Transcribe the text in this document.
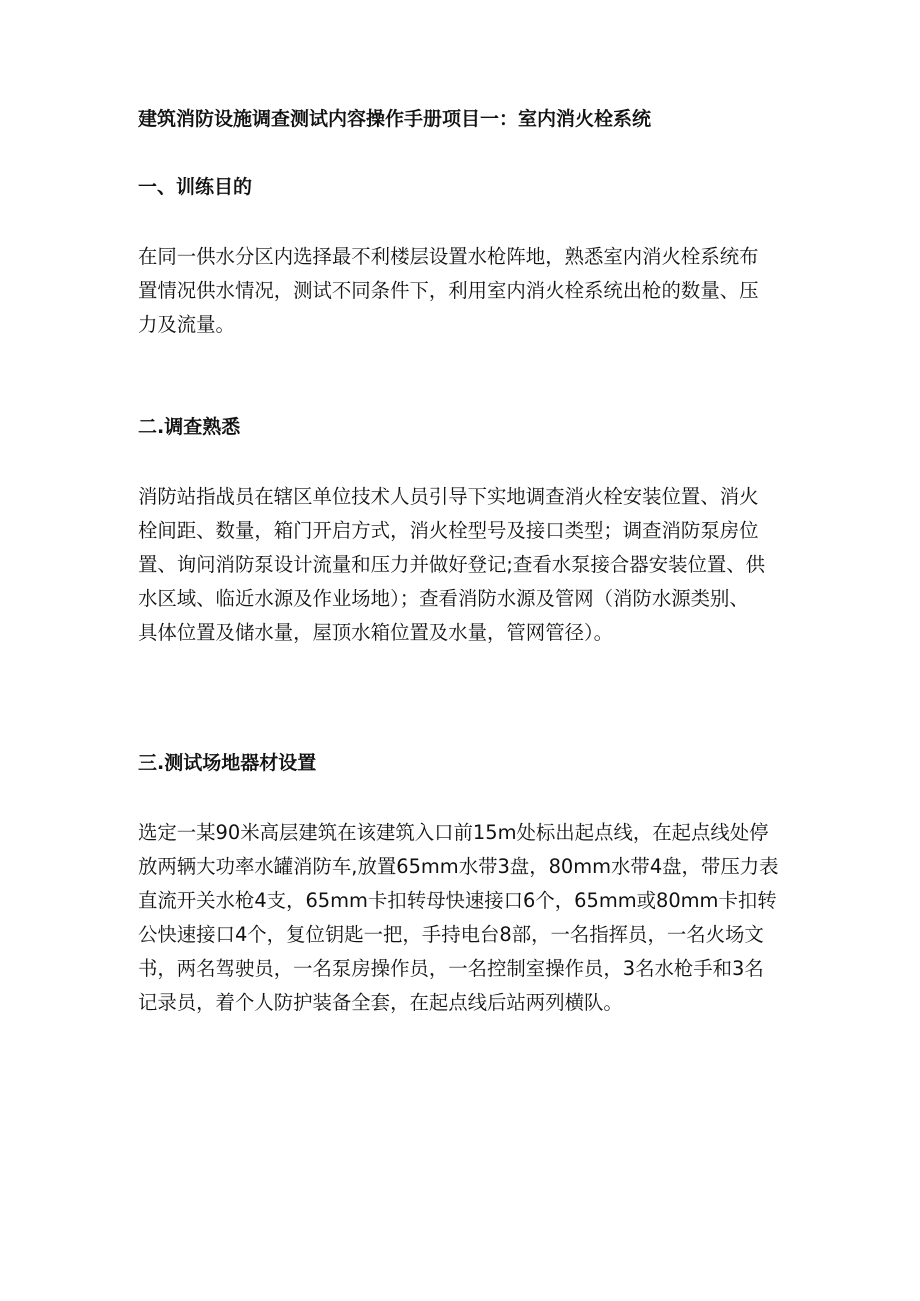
建筑消防设施调查测试内容操作手册项目一：室内消火栓系统
一、训练目的
在同一供水分区内选择最不利楼层设置水枪阵地，熟悉室内消火栓系统布
置情况供水情况，测试不同条件下，利用室内消火栓系统出枪的数量、压
力及流量。
二.调查熟悉
消防站指战员在辖区单位技术人员引导下实地调查消火栓安装位置、消火
栓间距、数量，箱门开启方式，消火栓型号及接口类型；调查消防泵房位
置、询问消防泵设计流量和压力并做好登记;查看水泵接合器安装位置、供
水区域、临近水源及作业场地）；查看消防水源及管网（消防水源类别、
具体位置及储水量，屋顶水箱位置及水量，管网管径）。
三.测试场地器材设置
选定一某90米高层建筑在该建筑入口前15m处标出起点线，在起点线处停
放两辆大功率水罐消防车,放置65mm水带3盘，80mm水带4盘，带压力表
直流开关水枪4支，65mm卡扣转母快速接口6个，65mm或80mm卡扣转
公快速接口4个，复位钥匙一把，手持电台8部，一名指挥员，一名火场文
书，两名驾驶员，一名泵房操作员，一名控制室操作员，3名水枪手和3名
记录员，着个人防护装备全套，在起点线后站两列横队。
